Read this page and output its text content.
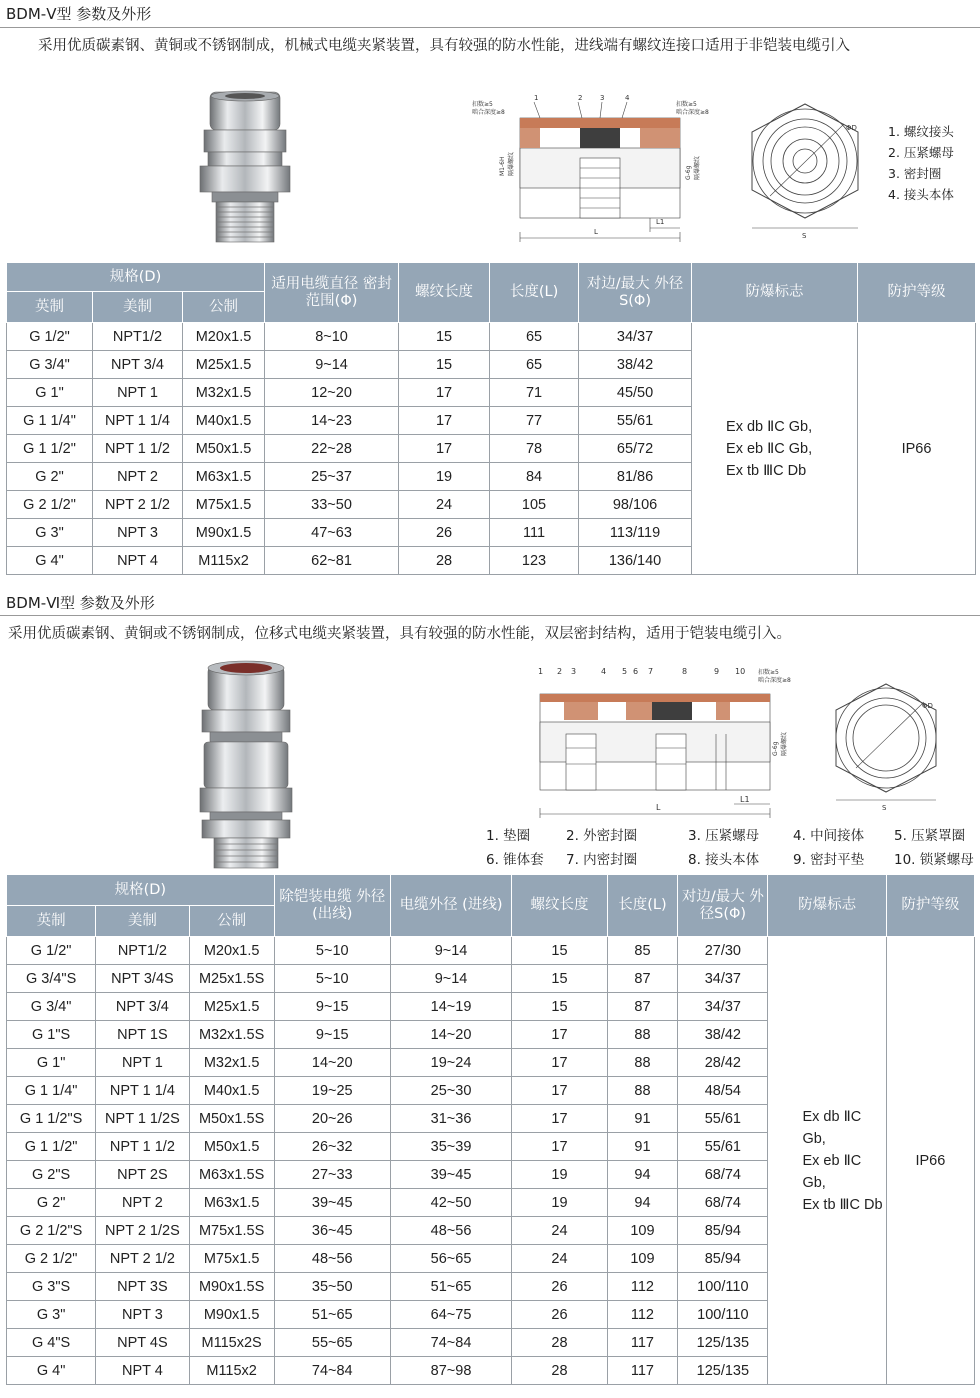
BDM-Ⅴ型 参数及外形
采用优质碳素钢、黄铜或不锈钢制成，机械式电缆夹紧装置，具有较强的防水性能，进线端有螺纹连接口适用于非铠装电缆引入
1	2	3	4
扣数≥5
啮合深度≥8
扣数≥5
啮合深度≥8
L
L1
M1-6H 隔爆螺纹	G-6g 隔爆螺纹
ΦD
S
1. 螺纹接头
2. 压紧螺母
3. 密封圈
4. 接头本体
规格(D)			适用电缆直径 密封范围(Φ)	螺纹长度	长度(L)	对边/最大 外径S(Φ)	防爆标志	防护等级
英制	美制	公制						
G 1/2"	NPT1/2	M20x1.5	8~10	15	65	34/37	Ex db ⅡC Gb,
Ex eb ⅡC Gb,
Ex tb ⅢC Db	IP66
G 3/4"	NPT 3/4	M25x1.5	9~14	15	65	38/42		
G 1"	NPT 1	M32x1.5	12~20	17	71	45/50		
G 1 1/4"	NPT 1 1/4	M40x1.5	14~23	17	77	55/61		
G 1 1/2"	NPT 1 1/2	M50x1.5	22~28	17	78	65/72		
G 2"	NPT 2	M63x1.5	25~37	19	84	81/86		
G 2 1/2"	NPT 2 1/2	M75x1.5	33~50	24	105	98/106		
G 3"	NPT 3	M90x1.5	47~63	26	111	113/119		
G 4"	NPT 4	M115x2	62~81	28	123	136/140		
BDM-Ⅵ型 参数及外形
采用优质碳素钢、黄铜或不锈钢制成，位移式电缆夹紧装置，具有较强的防水性能，双层密封结构，适用于铠装电缆引入。
1 2 3	4 5 6 7	8	9 10
L
L1
扣数≥5
啮合深度≥8
G-6g 隔爆螺纹
ΦD
S
1. 垫圈	2. 外密封圈	3. 压紧螺母	4. 中间接体 5. 压紧罩圈
6. 锥体套 7. 内密封圈	8. 接头本体	9. 密封平垫 10. 锁紧螺母
规格(D)			除铠装电缆 外径(出线)	电缆外径 (进线)	螺纹长度	长度(L)	对边/最大 外径S(Φ)	防爆标志	防护等级
英制	美制	公制							
G 1/2"	NPT1/2	M20x1.5	5~10	9~14	15	85	27/30	Ex db ⅡC Gb,
Ex eb ⅡC Gb,
Ex tb ⅢC Db	IP66
G 3/4"S	NPT 3/4S	M25x1.5S	5~10	9~14	15	87	34/37		
G 3/4"	NPT 3/4	M25x1.5	9~15	14~19	15	87	34/37		
G 1"S	NPT 1S	M32x1.5S	9~15	14~20	17	88	38/42		
G 1"	NPT 1	M32x1.5	14~20	19~24	17	88	28/42		
G 1 1/4"	NPT 1 1/4	M40x1.5	19~25	25~30	17	88	48/54		
G 1 1/2"S	NPT 1 1/2S	M50x1.5S	20~26	31~36	17	91	55/61		
G 1 1/2"	NPT 1 1/2	M50x1.5	26~32	35~39	17	91	55/61		
G 2"S	NPT 2S	M63x1.5S	27~33	39~45	19	94	68/74		
G 2"	NPT 2	M63x1.5	39~45	42~50	19	94	68/74		
G 2 1/2"S	NPT 2 1/2S	M75x1.5S	36~45	48~56	24	109	85/94		
G 2 1/2"	NPT 2 1/2	M75x1.5	48~56	56~65	24	109	85/94		
G 3"S	NPT 3S	M90x1.5S	35~50	51~65	26	112	100/110		
G 3"	NPT 3	M90x1.5	51~65	64~75	26	112	100/110		
G 4"S	NPT 4S	M115x2S	55~65	74~84	28	117	125/135		
G 4"	NPT 4	M115x2	74~84	87~98	28	117	125/135		
